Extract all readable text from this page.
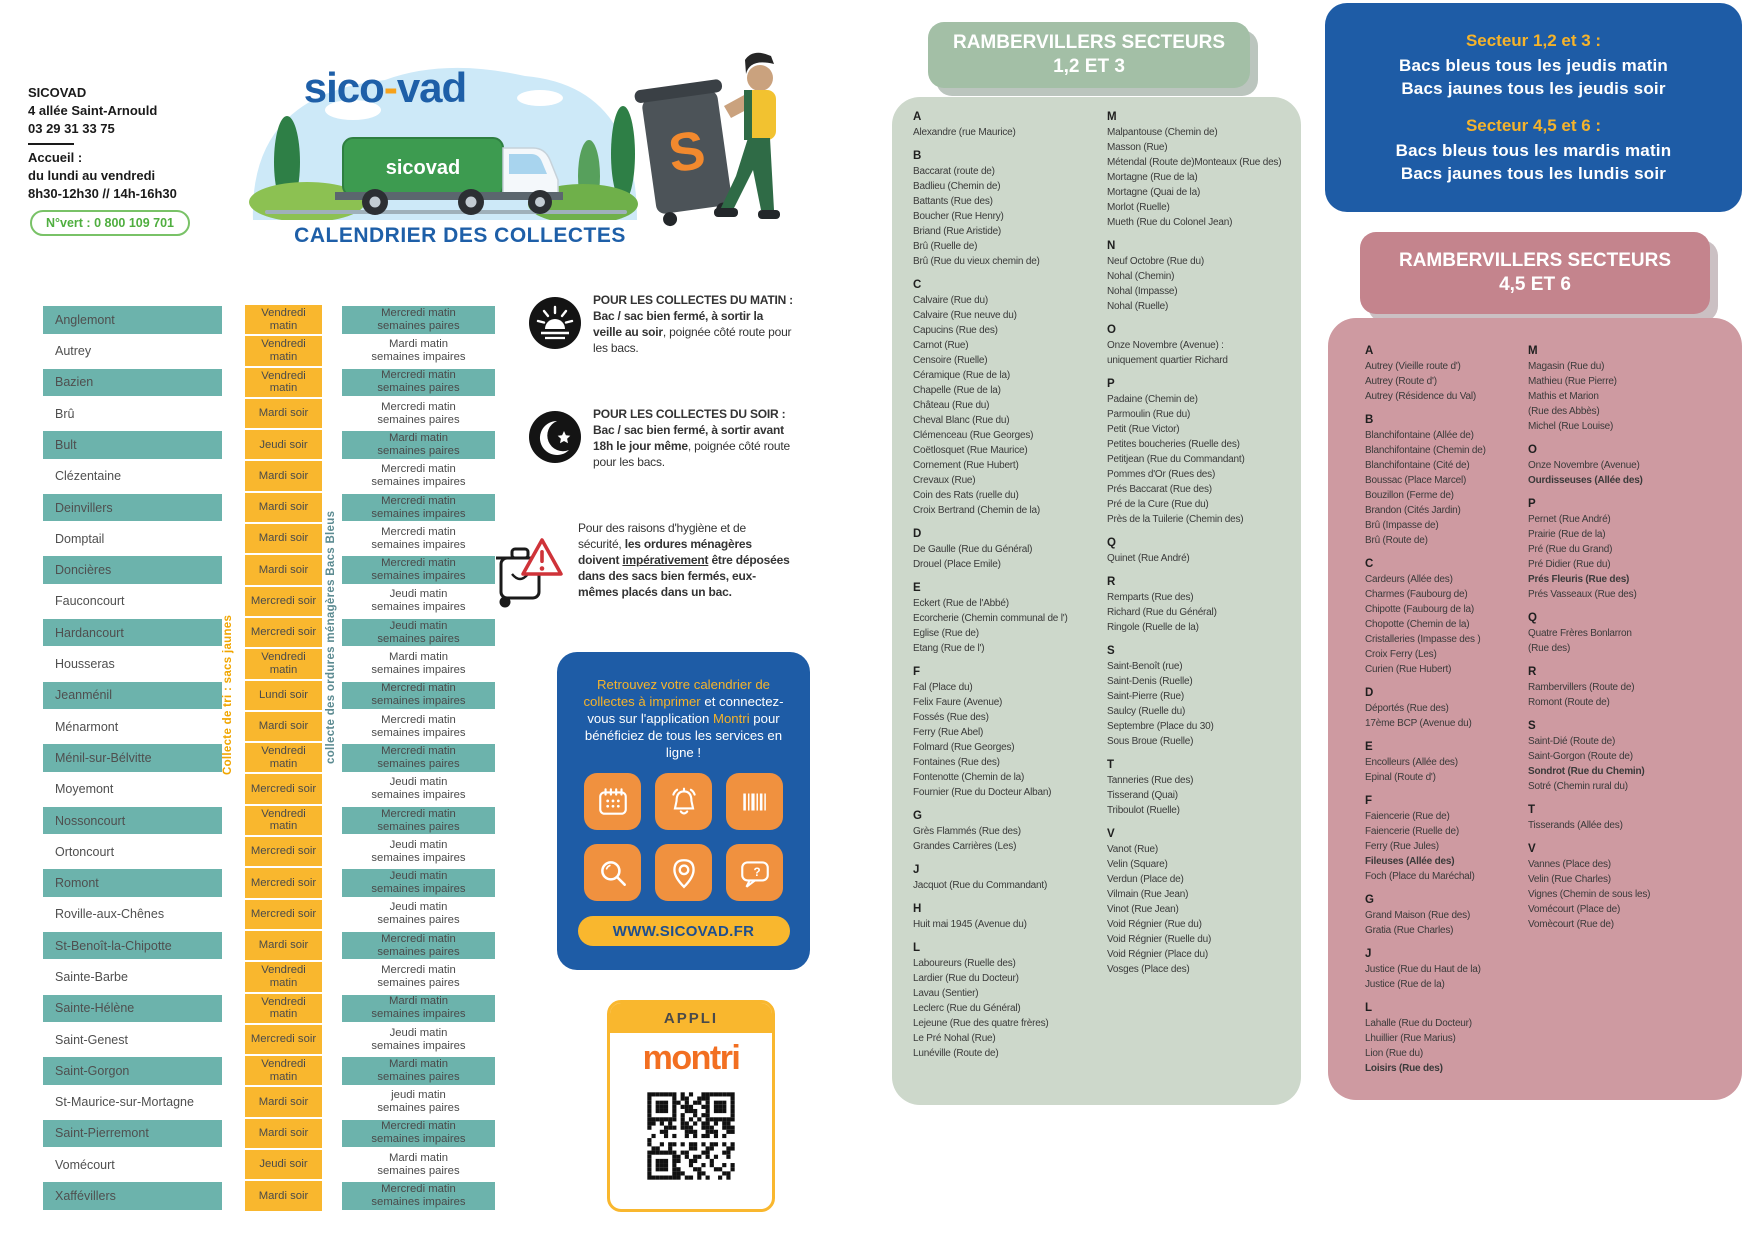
SICOVAD
4 allée Saint-Arnould
03 29 31 33 75
Accueil :
du lundi au vendredi
8h30-12h30 // 14h-16h30
N°vert : 0 800 109 701
sicovad
sico-vad
S
CALENDRIER DES COLLECTES
Anglemont	Vendredi matin
Mercredi matin
semaines paires
Autrey	Vendredi matin
Mardi matin
semaines impaires
Bazien	Vendredi matin
Mercredi matin
semaines paires
Brû	Mardi soir
Mercredi matin
semaines paires
Bult	Jeudi soir
Mardi matin
semaines paires
Clézentaine	Mardi soir
Mercredi matin
semaines impaires
Deinvillers	Mardi soir
Mercredi matin
semaines impaires
Domptail	Mardi soir
Mercredi matin
semaines impaires
Doncières	Mardi soir
Mercredi matin
semaines impaires
Fauconcourt	Mercredi soir
Jeudi matin
semaines impaires
Hardancourt	Mercredi soir
Jeudi matin
semaines paires
Housseras	Vendredi matin
Mardi matin
semaines impaires
Jeanménil	Lundi soir
Mercredi matin
semaines impaires
Ménarmont	Mardi soir
Mercredi matin
semaines impaires
Ménil-sur-Bélvitte	Vendredi matin
Mercredi matin
semaines paires
Moyemont	Mercredi soir
Jeudi matin
semaines impaires
Nossoncourt	Vendredi matin
Mercredi matin
semaines paires
Ortoncourt	Mercredi soir
Jeudi matin
semaines impaires
Romont	Mercredi soir
Jeudi matin
semaines impaires
Roville-aux-Chênes	Mercredi soir
Jeudi matin
semaines paires
St-Benoît-la-Chipotte	Mardi soir
Mercredi matin
semaines paires
Sainte-Barbe	Vendredi matin
Mercredi matin
semaines paires
Sainte-Hélène	Vendredi matin
Mardi matin
semaines impaires
Saint-Genest	Mercredi soir
Jeudi matin
semaines impaires
Saint-Gorgon	Vendredi matin
Mardi matin
semaines paires
St-Maurice-sur-Mortagne	Mardi soir
jeudi matin
semaines paires
Saint-Pierremont	Mardi soir
Mercredi matin
semaines impaires
Vomécourt	Jeudi soir
Mardi matin
semaines paires
Xaffévillers	Mardi soir
Mercredi matin
semaines impaires
Collecte de tri : sacs jaunes	collecte des ordures ménagères Bacs Bleus

POUR LES COLLECTES DU MATIN :
Bac / sac bien fermé, à sortir la veille au soir, poignée côté route pour les bacs.

POUR LES COLLECTES DU SOIR :
Bac / sac bien fermé, à sortir avant 18h le jour même, poignée côté route pour les bacs.

Pour des raisons d'hygiène et de sécurité, les ordures ménagères doivent impérativement être déposées dans des sacs bien fermés, eux-mêmes placés dans un bac.

Retrouvez votre calendrier de collectes à imprimer et connectez-vous sur l'application Montri pour bénéficiez de tous les services en ligne !

?
WWW.SICOVAD.FR
APPLI
montri
RAMBERVILLERS SECTEURS
1,2 ET 3
A
Alexandre (rue Maurice)
B
Baccarat (route de)
Badlieu (Chemin de)
Battants (Rue des)
Boucher (Rue Henry)
Briand (Rue Aristide)
Brû (Ruelle de)
Brû (Rue du vieux chemin de)
C
Calvaire (Rue du)
Calvaire (Rue neuve du)
Capucins (Rue des)
Carnot (Rue)
Censoire (Ruelle)
Céramique (Rue de la)
Chapelle (Rue de la)
Château (Rue du)
Cheval Blanc (Rue du)
Clémenceau (Rue Georges)
Coëtlosquet (Rue Maurice)
Cornement (Rue Hubert)
Crevaux (Rue)
Coin des Rats (ruelle du)
Croix Bertrand (Chemin de la)
D
De Gaulle (Rue du Général)
Drouel (Place Emile)
E
Eckert (Rue de l'Abbé)
Ecorcherie (Chemin communal de l')
Eglise (Rue de)
Etang (Rue de l')
F
Fal (Place du)
Felix Faure (Avenue)
Fossés (Rue des)
Ferry (Rue Abel)
Folmard (Rue Georges)
Fontaines (Rue des)
Fontenotte (Chemin de la)
Fournier (Rue du Docteur Alban)
G
Grès Flammés (Rue des)
Grandes Carrières (Les)
J
Jacquot (Rue du Commandant)
H
Huit mai 1945 (Avenue du)
L
Laboureurs (Ruelle des)
Lardier (Rue du Docteur)
Lavau (Sentier)
Leclerc (Rue du Général)
Lejeune (Rue des quatre frères)
Le Pré Nohal (Rue)
Lunéville (Route de)
M
Malpantouse (Chemin de)
Masson (Rue)
Métendal (Route de)Monteaux (Rue des)
Mortagne (Rue de la)
Mortagne (Quai de la)
Morlot (Ruelle)
Mueth (Rue du Colonel Jean)
N
Neuf Octobre (Rue du)
Nohal (Chemin)
Nohal (Impasse)
Nohal (Ruelle)
O
Onze Novembre (Avenue) :
uniquement quartier Richard
P
Padaine (Chemin de)
Parmoulin (Rue du)
Petit (Rue Victor)
Petites boucheries (Ruelle des)
Petitjean (Rue du Commandant)
Pommes d'Or (Rues des)
Prés Baccarat (Rue des)
Pré de la Cure (Rue du)
Près de la Tuilerie (Chemin des)
Q
Quinet (Rue André)
R
Remparts (Rue des)
Richard (Rue du Général)
Ringole (Ruelle de la)
S
Saint-Benoît (rue)
Saint-Denis (Ruelle)
Saint-Pierre (Rue)
Saulcy (Ruelle du)
Septembre (Place du 30)
Sous Broue (Ruelle)
T
Tanneries (Rue des)
Tisserand (Quai)
Triboulot (Ruelle)
V
Vanot (Rue)
Velin (Square)
Verdun (Place de)
Vilmain (Rue Jean)
Vinot (Rue Jean)
Void Régnier (Rue du)
Void Régnier (Ruelle du)
Void Régnier (Place du)
Vosges (Place des)
Secteur 1,2 et 3 :
Bacs bleus tous les jeudis matin
Bacs jaunes tous les jeudis soir
Secteur 4,5 et 6 :
Bacs bleus tous les mardis matin
Bacs jaunes tous les lundis soir
RAMBERVILLERS SECTEURS
4,5 ET 6
A
Autrey (Vieille route d')
Autrey (Route d')
Autrey (Résidence du Val)
B
Blanchifontaine (Allée de)
Blanchifontaine (Chemin de)
Blanchifontaine (Cité de)
Boussac (Place Marcel)
Bouzillon (Ferme de)
Brandon (Cités Jardin)
Brû (Impasse de)
Brû (Route de)
C
Cardeurs (Allée des)
Charmes (Faubourg de)
Chipotte (Faubourg de la)
Chopotte (Chemin de la)
Cristalleries (Impasse des )
Croix Ferry (Les)
Curien (Rue Hubert)
D
Déportés (Rue des)
17ème BCP (Avenue du)
E
Encolleurs (Allée des)
Epinal (Route d')
F
Faiencerie (Rue de)
Faiencerie (Ruelle de)
Ferry (Rue Jules)
Fileuses (Allée des)
Foch (Place du Maréchal)
G
Grand Maison (Rue des)
Gratia (Rue Charles)
J
Justice (Rue du Haut de la)
Justice (Rue de la)
L
Lahalle (Rue du Docteur)
Lhuillier (Rue Marius)
Lion (Rue du)
Loisirs (Rue des)
M
Magasin (Rue du)
Mathieu (Rue Pierre)
Mathis et Marion
(Rue des Abbès)
Michel (Rue Louise)
O
Onze Novembre (Avenue)
Ourdisseuses (Allée des)
P
Pernet (Rue André)
Prairie (Rue de la)
Pré (Rue du Grand)
Pré Didier (Rue du)
Prés Fleuris (Rue des)
Prés Vasseaux (Rue des)
Q
Quatre Frères Bonlarron
(Rue des)
R
Rambervillers (Route de)
Romont (Route de)
S
Saint-Dié (Route de)
Saint-Gorgon (Route de)
Sondrot (Rue du Chemin)
Sotré (Chemin rural du)
T
Tisserands (Allée des)
V
Vannes (Place des)
Velin (Rue Charles)
Vignes (Chemin de sous les)
Vomécourt (Place de)
Vomècourt (Rue de)
